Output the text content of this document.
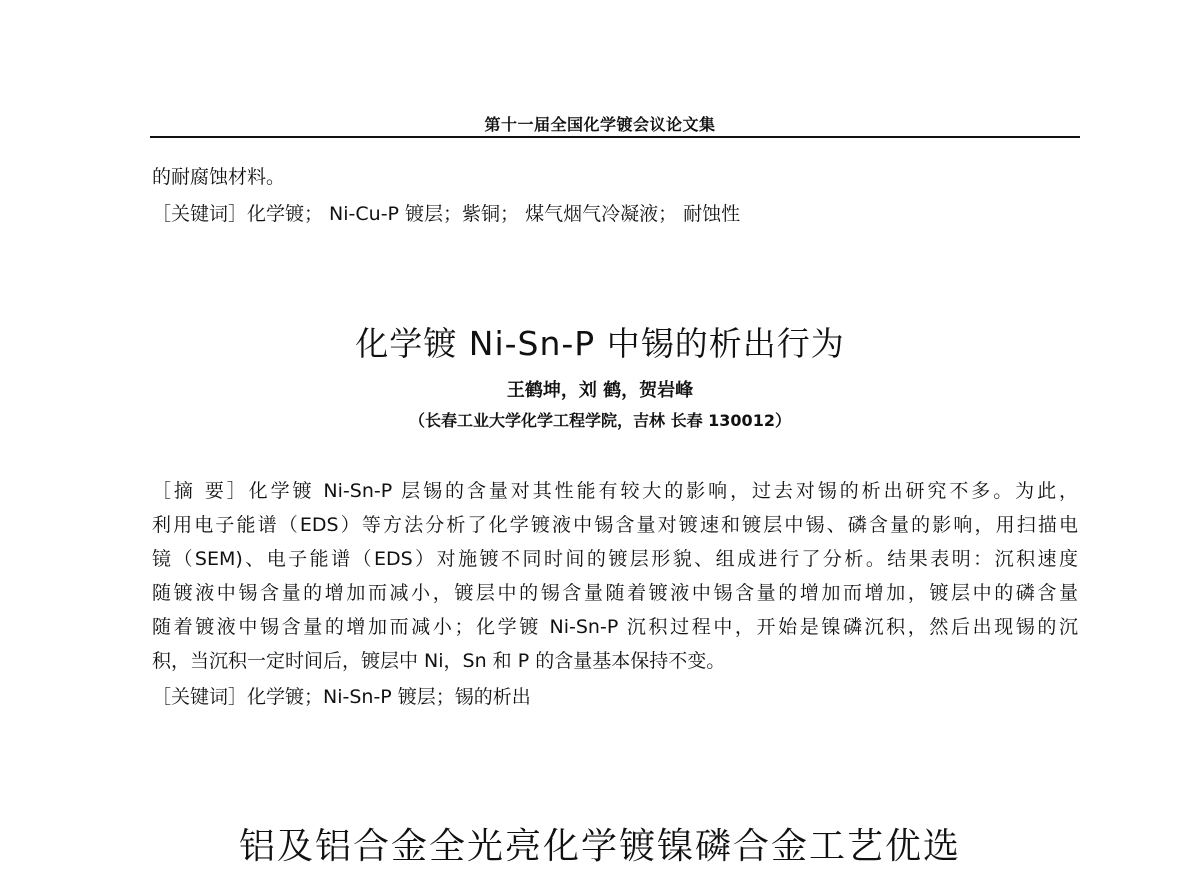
第十一届全国化学镀会议论文集
的耐腐蚀材料。
［关键词］化学镀； Ni-Cu-P 镀层；紫铜； 煤气烟气冷凝液； 耐蚀性
化学镀 Ni-Sn-P 中锡的析出行为
王鹤坤，刘 鹤，贺岩峰
（长春工业大学化学工程学院，吉林 长春 130012）
［摘 要］化学镀 Ni-Sn-P 层锡的含量对其性能有较大的影响，过去对锡的析出研究不多。为此，
利用电子能谱（EDS）等方法分析了化学镀液中锡含量对镀速和镀层中锡、磷含量的影响，用扫描电
镜（SEM)、电子能谱（EDS）对施镀不同时间的镀层形貌、组成进行了分析。结果表明：沉积速度
随镀液中锡含量的增加而减小，镀层中的锡含量随着镀液中锡含量的增加而增加，镀层中的磷含量
随着镀液中锡含量的增加而减小；化学镀 Ni-Sn-P 沉积过程中，开始是镍磷沉积，然后出现锡的沉
积，当沉积一定时间后，镀层中 Ni，Sn 和 P 的含量基本保持不变。
［关键词］化学镀；Ni-Sn-P 镀层；锡的析出
铝及铝合金全光亮化学镀镍磷合金工艺优选
